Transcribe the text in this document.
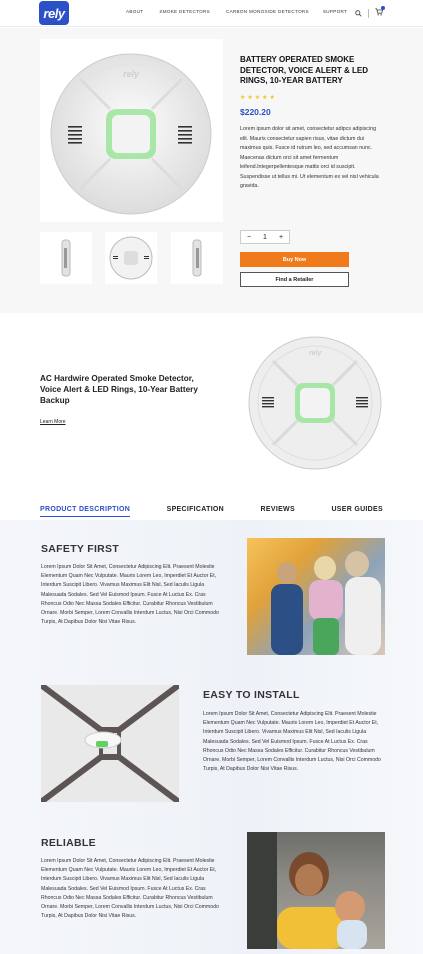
rely	ABOUT	SMOKE DETECTORS	CARBON MONOXIDE DETECTORS	SUPPORT
rely
BATTERY OPERATED SMOKE DETECTOR, VOICE ALERT & LED RINGS, 10-YEAR BATTERY
★★★★★
$220.20
Lorem ipsum dolor sit amet, consectetur adipcs adipiscing elit. Mauris consectetur sapien risus, vitae dictum dui maximus quis. Fusce id rutrum leo, sed accumsan nunc. Maecenas dictum orci sit amet fermentum leifend.Integerpellentesque mattis orci id suscipit. Suspendisse ut tellus mi. Ut elementum ex vel nisl vehicula gravida.
−	1	+
Buy Now
Find a Retailer
AC Hardwire Operated Smoke Detector, Voice Alert & LED Rings, 10-Year Battery Backup
Learn More
rely
PRODUCT DESCRIPTION	SPECIFICATION	REVIEWS	USER GUIDES
SAFETY FIRST
Lorem Ipsum Dolor Sit Amet, Consectetur Adipiscing Elit. Praesent Molestie Elementum Quam Nec Vulputate. Mauris Lorem Leo, Imperdiet Et Auctor Et, Interdum Suscipit Libero. Vivamus Maximus Elit Nisl, Sed Iaculis Ligula Malesuada Sodales. Sed Vel Euismod Ipsum. Fusce At Luctus Ex. Cras Rhoncus Odio Nec Massa Sodales Efficitur. Curabitur Rhoncus Vestibulum Ornare. Morbi Semper, Lorem Convallis Interdum Luctus, Nisi Orci Commodo Turpis, At Dapibus Dolor Nisi Vitae Risus.
EASY TO INSTALL
Lorem Ipsum Dolor Sit Amet, Consectetur Adipiscing Elit. Praesent Molestie Elementum Quam Nec Vulputate. Mauris Lorem Leo, Imperdiet Et Auctor Et, Interdum Suscipit Libero. Vivamus Maximus Elit Nisl, Sed Iaculis Ligula Malesuada Sodales. Sed Vel Euismod Ipsum. Fusce At Luctus Ex. Cras Rhoncus Odio Nec Massa Sodales Efficitur. Curabitur Rhoncus Vestibulum Ornare. Morbi Semper, Lorem Convallis Interdum Luctus, Nisi Orci Commodo Turpis, At Dapibus Dolor Nisi Vitae Risus.
RELIABLE
Lorem Ipsum Dolor Sit Amet, Consectetur Adipiscing Elit. Praesent Molestie Elementum Quam Nec Vulputate. Mauris Lorem Leo, Imperdiet Et Auctor Et, Interdum Suscipit Libero. Vivamus Maximus Elit Nisl, Sed Iaculis Ligula Malesuada Sodales. Sed Vel Euismod Ipsum. Fusce At Luctus Ex. Cras Rhoncus Odio Nec Massa Sodales Efficitur. Curabitur Rhoncus Vestibulum Ornare. Morbi Semper, Lorem Convallis Interdum Luctus, Nisi Orci Commodo Turpis, At Dapibus Dolor Nisi Vitae Risus.
